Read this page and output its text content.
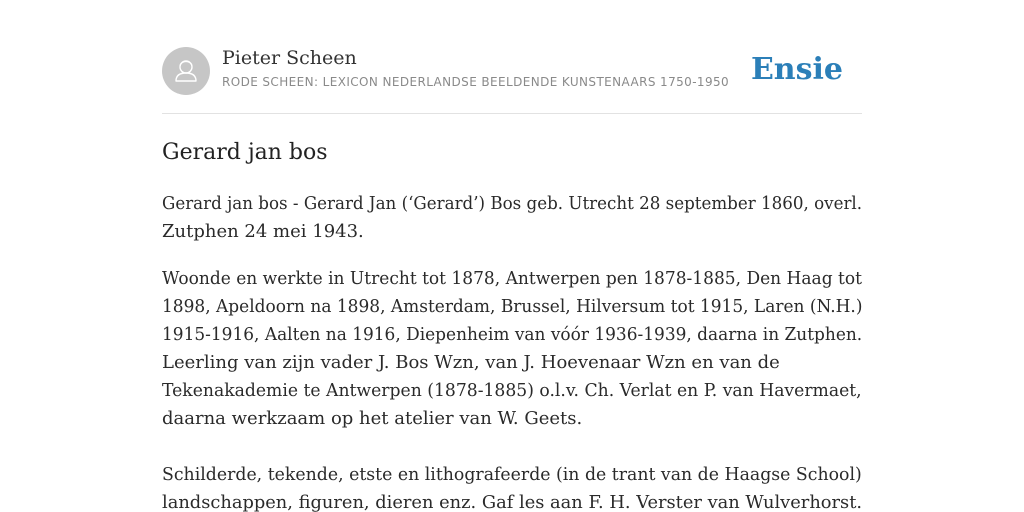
Pieter Scheen
RODE SCHEEN: LEXICON NEDERLANDSE BEELDENDE KUNSTENAARS 1750-1950 Ensie
Gerard jan bos

Gerard jan bos - Gerard Jan (‘Gerard’) Bos geb. Utrecht 28 september 1860, overl.
Zutphen 24 mei 1943.

Woonde en werkte in Utrecht tot 1878, Antwerpen pen 1878-1885, Den Haag tot
1898, Apeldoorn na 1898, Amsterdam, Brussel, Hilversum tot 1915, Laren (N.H.)
1915-1916, Aalten na 1916, Diepenheim van vóór 1936-1939, daarna in Zutphen.
Leerling van zijn vader J. Bos Wzn, van J. Hoevenaar Wzn en van de
Tekenakademie te Antwerpen (1878-1885) o.l.v. Ch. Verlat en P. van Havermaet,
daarna werkzaam op het atelier van W. Geets.

Schilderde, tekende, etste en lithografeerde (in de trant van de Haagse School)
landschappen, figuren, dieren enz. Gaf les aan F. H. Verster van Wulverhorst.
